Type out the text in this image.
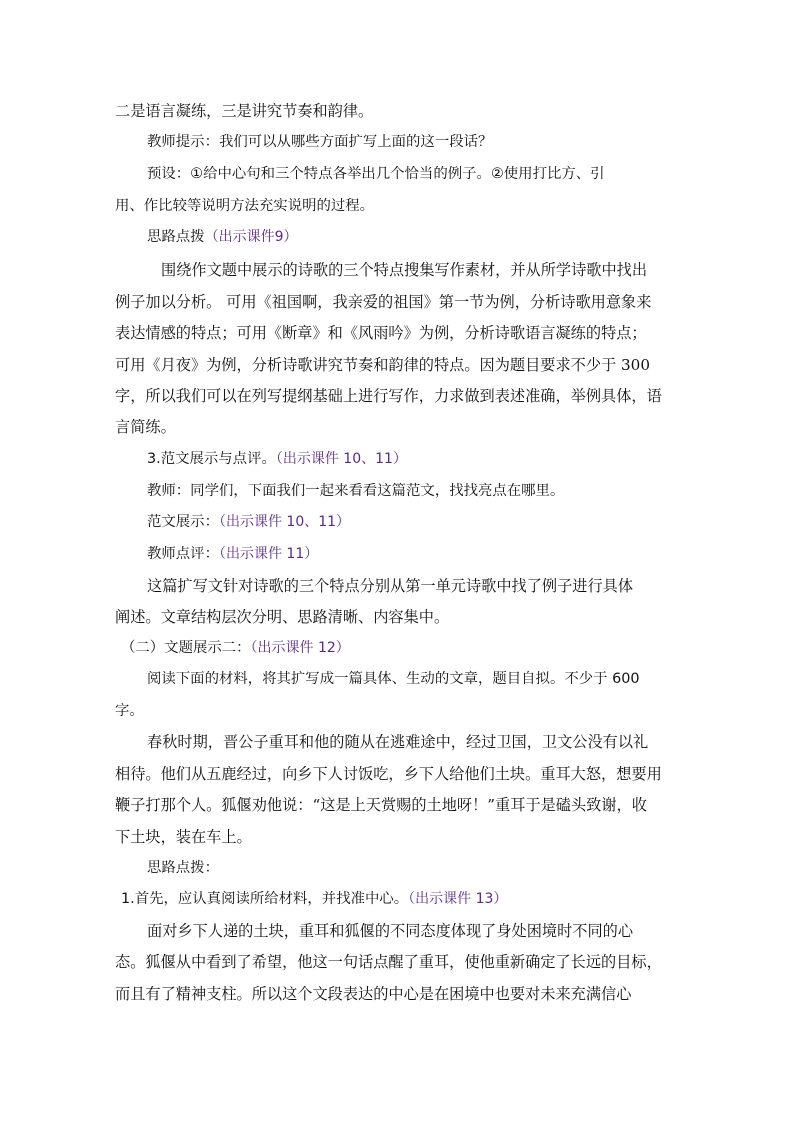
二是语言凝练，三是讲究节奏和韵律。
教师提示：我们可以从哪些方面扩写上面的这一段话？
预设：①给中心句和三个特点各举出几个恰当的例子。②使用打比方、引
用、作比较等说明方法充实说明的过程。
思路点拨（出示课件9）
围绕作文题中展示的诗歌的三个特点搜集写作素材，并从所学诗歌中找出
例子加以分析。 可用《祖国啊，我亲爱的祖国》第一节为例，分析诗歌用意象来
表达情感的特点；可用《断章》和《风雨吟》为例，分析诗歌语言凝练的特点；
可用《月夜》为例，分析诗歌讲究节奏和韵律的特点。因为题目要求不少于 300
字，所以我们可以在列写提纲基础上进行写作，力求做到表述准确，举例具体，语
言简练。
3.范文展示与点评。（出示课件 10、11）
教师：同学们，下面我们一起来看看这篇范文，找找亮点在哪里。
范文展示：（出示课件 10、11）
教师点评：（出示课件 11）
这篇扩写文针对诗歌的三个特点分别从第一单元诗歌中找了例子进行具体
阐述。文章结构层次分明、思路清晰、内容集中。
（二）文题展示二：（出示课件 12）
阅读下面的材料，将其扩写成一篇具体、生动的文章，题目自拟。不少于 600
字。
春秋时期，晋公子重耳和他的随从在逃难途中，经过卫国，卫文公没有以礼
相待。他们从五鹿经过，向乡下人讨饭吃，乡下人给他们土块。重耳大怒，想要用
鞭子打那个人。狐偃劝他说：“这是上天赏赐的土地呀！”重耳于是磕头致谢，收
下土块，装在车上。
思路点拨：
1.首先，应认真阅读所给材料，并找准中心。（出示课件 13）
面对乡下人递的土块，重耳和狐偃的不同态度体现了身处困境时不同的心
态。狐偃从中看到了希望，他这一句话点醒了重耳，使他重新确定了长远的目标，
而且有了精神支柱。所以这个文段表达的中心是在困境中也要对未来充满信心
